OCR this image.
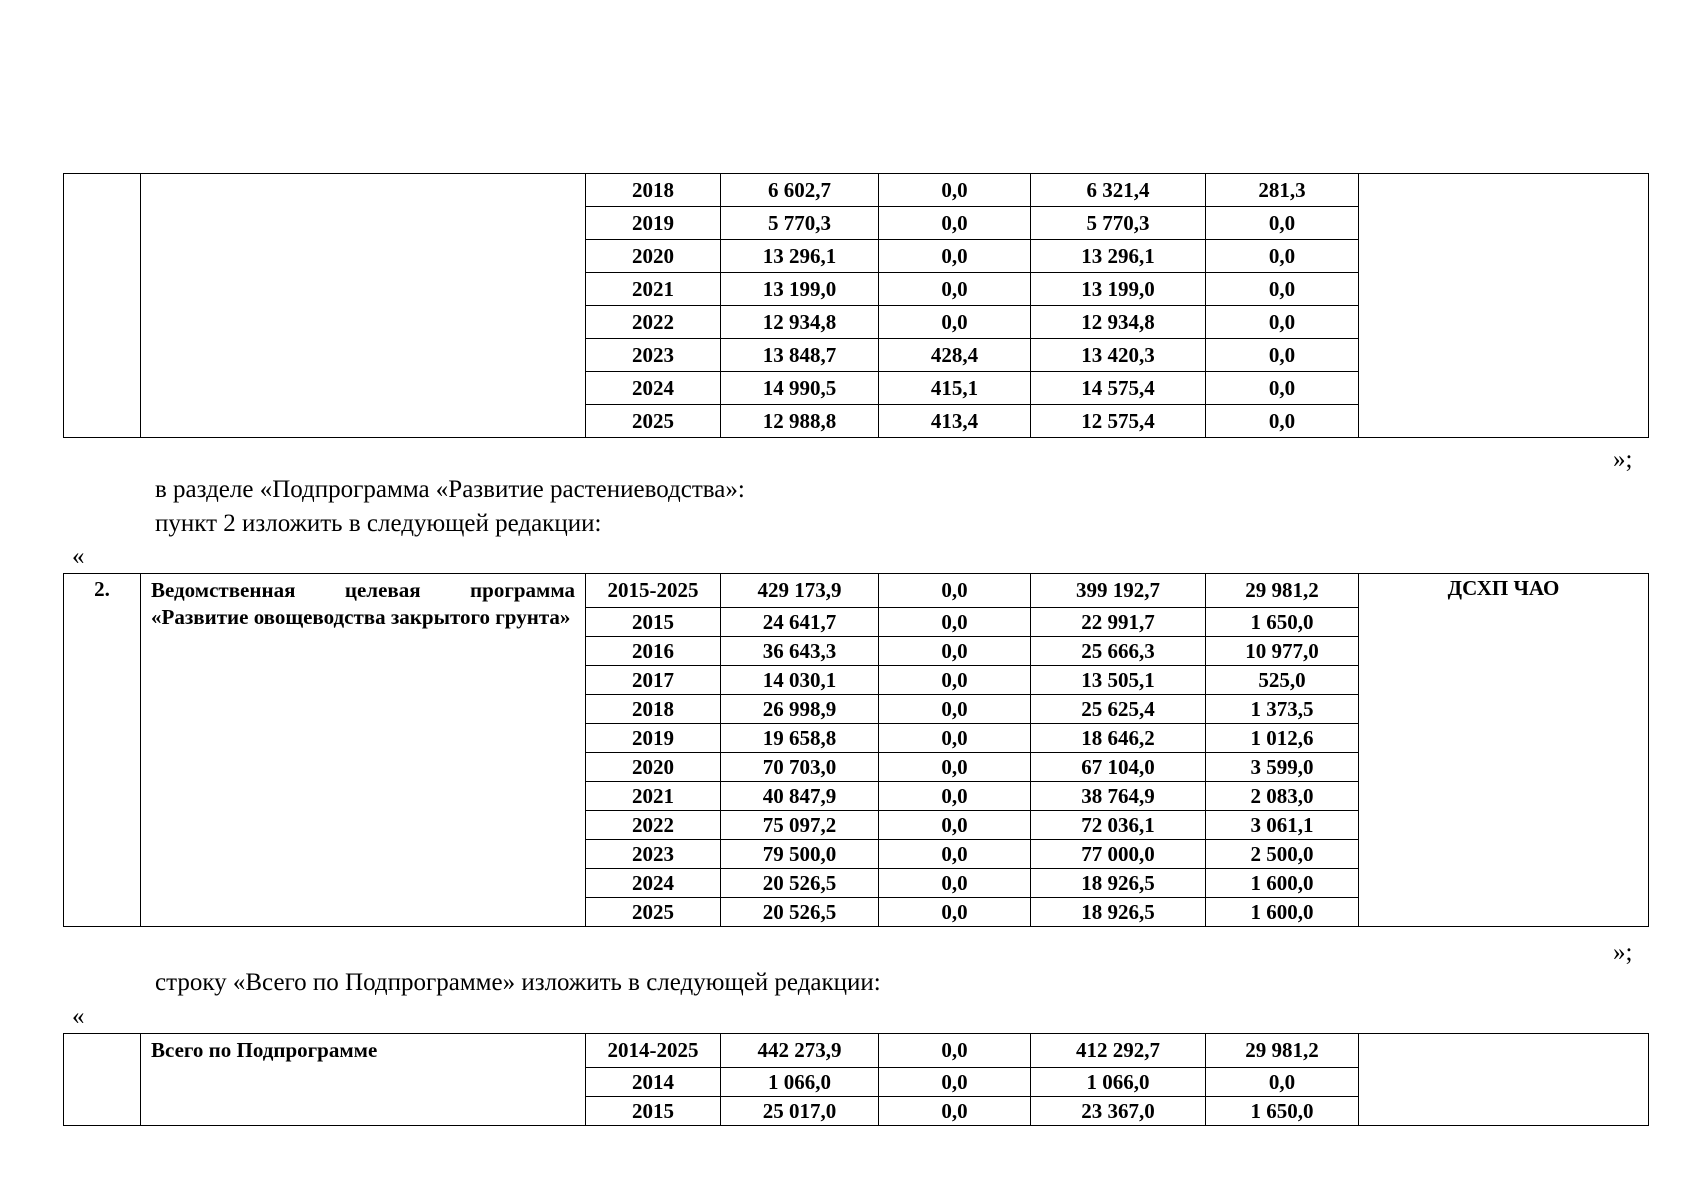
		2018	6 602,7	0,0	6 321,4	281,3	
		2019	5 770,3	0,0	5 770,3	0,0	
		2020	13 296,1	0,0	13 296,1	0,0	
		2021	13 199,0	0,0	13 199,0	0,0	
		2022	12 934,8	0,0	12 934,8	0,0	
		2023	13 848,7	428,4	13 420,3	0,0	
		2024	14 990,5	415,1	14 575,4	0,0	
		2025	12 988,8	413,4	12 575,4	0,0	
»;
в разделе «Подпрограмма «Развитие растениеводства»:
пункт 2 изложить в следующей редакции:
«
2.	Ведомственная целевая программа «Развитие овощеводства закрытого грунта»	2015-2025	429 173,9	0,0	399 192,7	29 981,2	ДСХП ЧАО
		2015	24 641,7	0,0	22 991,7	1 650,0	
		2016	36 643,3	0,0	25 666,3	10 977,0	
		2017	14 030,1	0,0	13 505,1	525,0	
		2018	26 998,9	0,0	25 625,4	1 373,5	
		2019	19 658,8	0,0	18 646,2	1 012,6	
		2020	70 703,0	0,0	67 104,0	3 599,0	
		2021	40 847,9	0,0	38 764,9	2 083,0	
		2022	75 097,2	0,0	72 036,1	3 061,1	
		2023	79 500,0	0,0	77 000,0	2 500,0	
		2024	20 526,5	0,0	18 926,5	1 600,0	
		2025	20 526,5	0,0	18 926,5	1 600,0	
»;
строку «Всего по Подпрограмме» изложить в следующей редакции:
«
	Всего по Подпрограмме	2014-2025	442 273,9	0,0	412 292,7	29 981,2	
		2014	1 066,0	0,0	1 066,0	0,0	
		2015	25 017,0	0,0	23 367,0	1 650,0	
